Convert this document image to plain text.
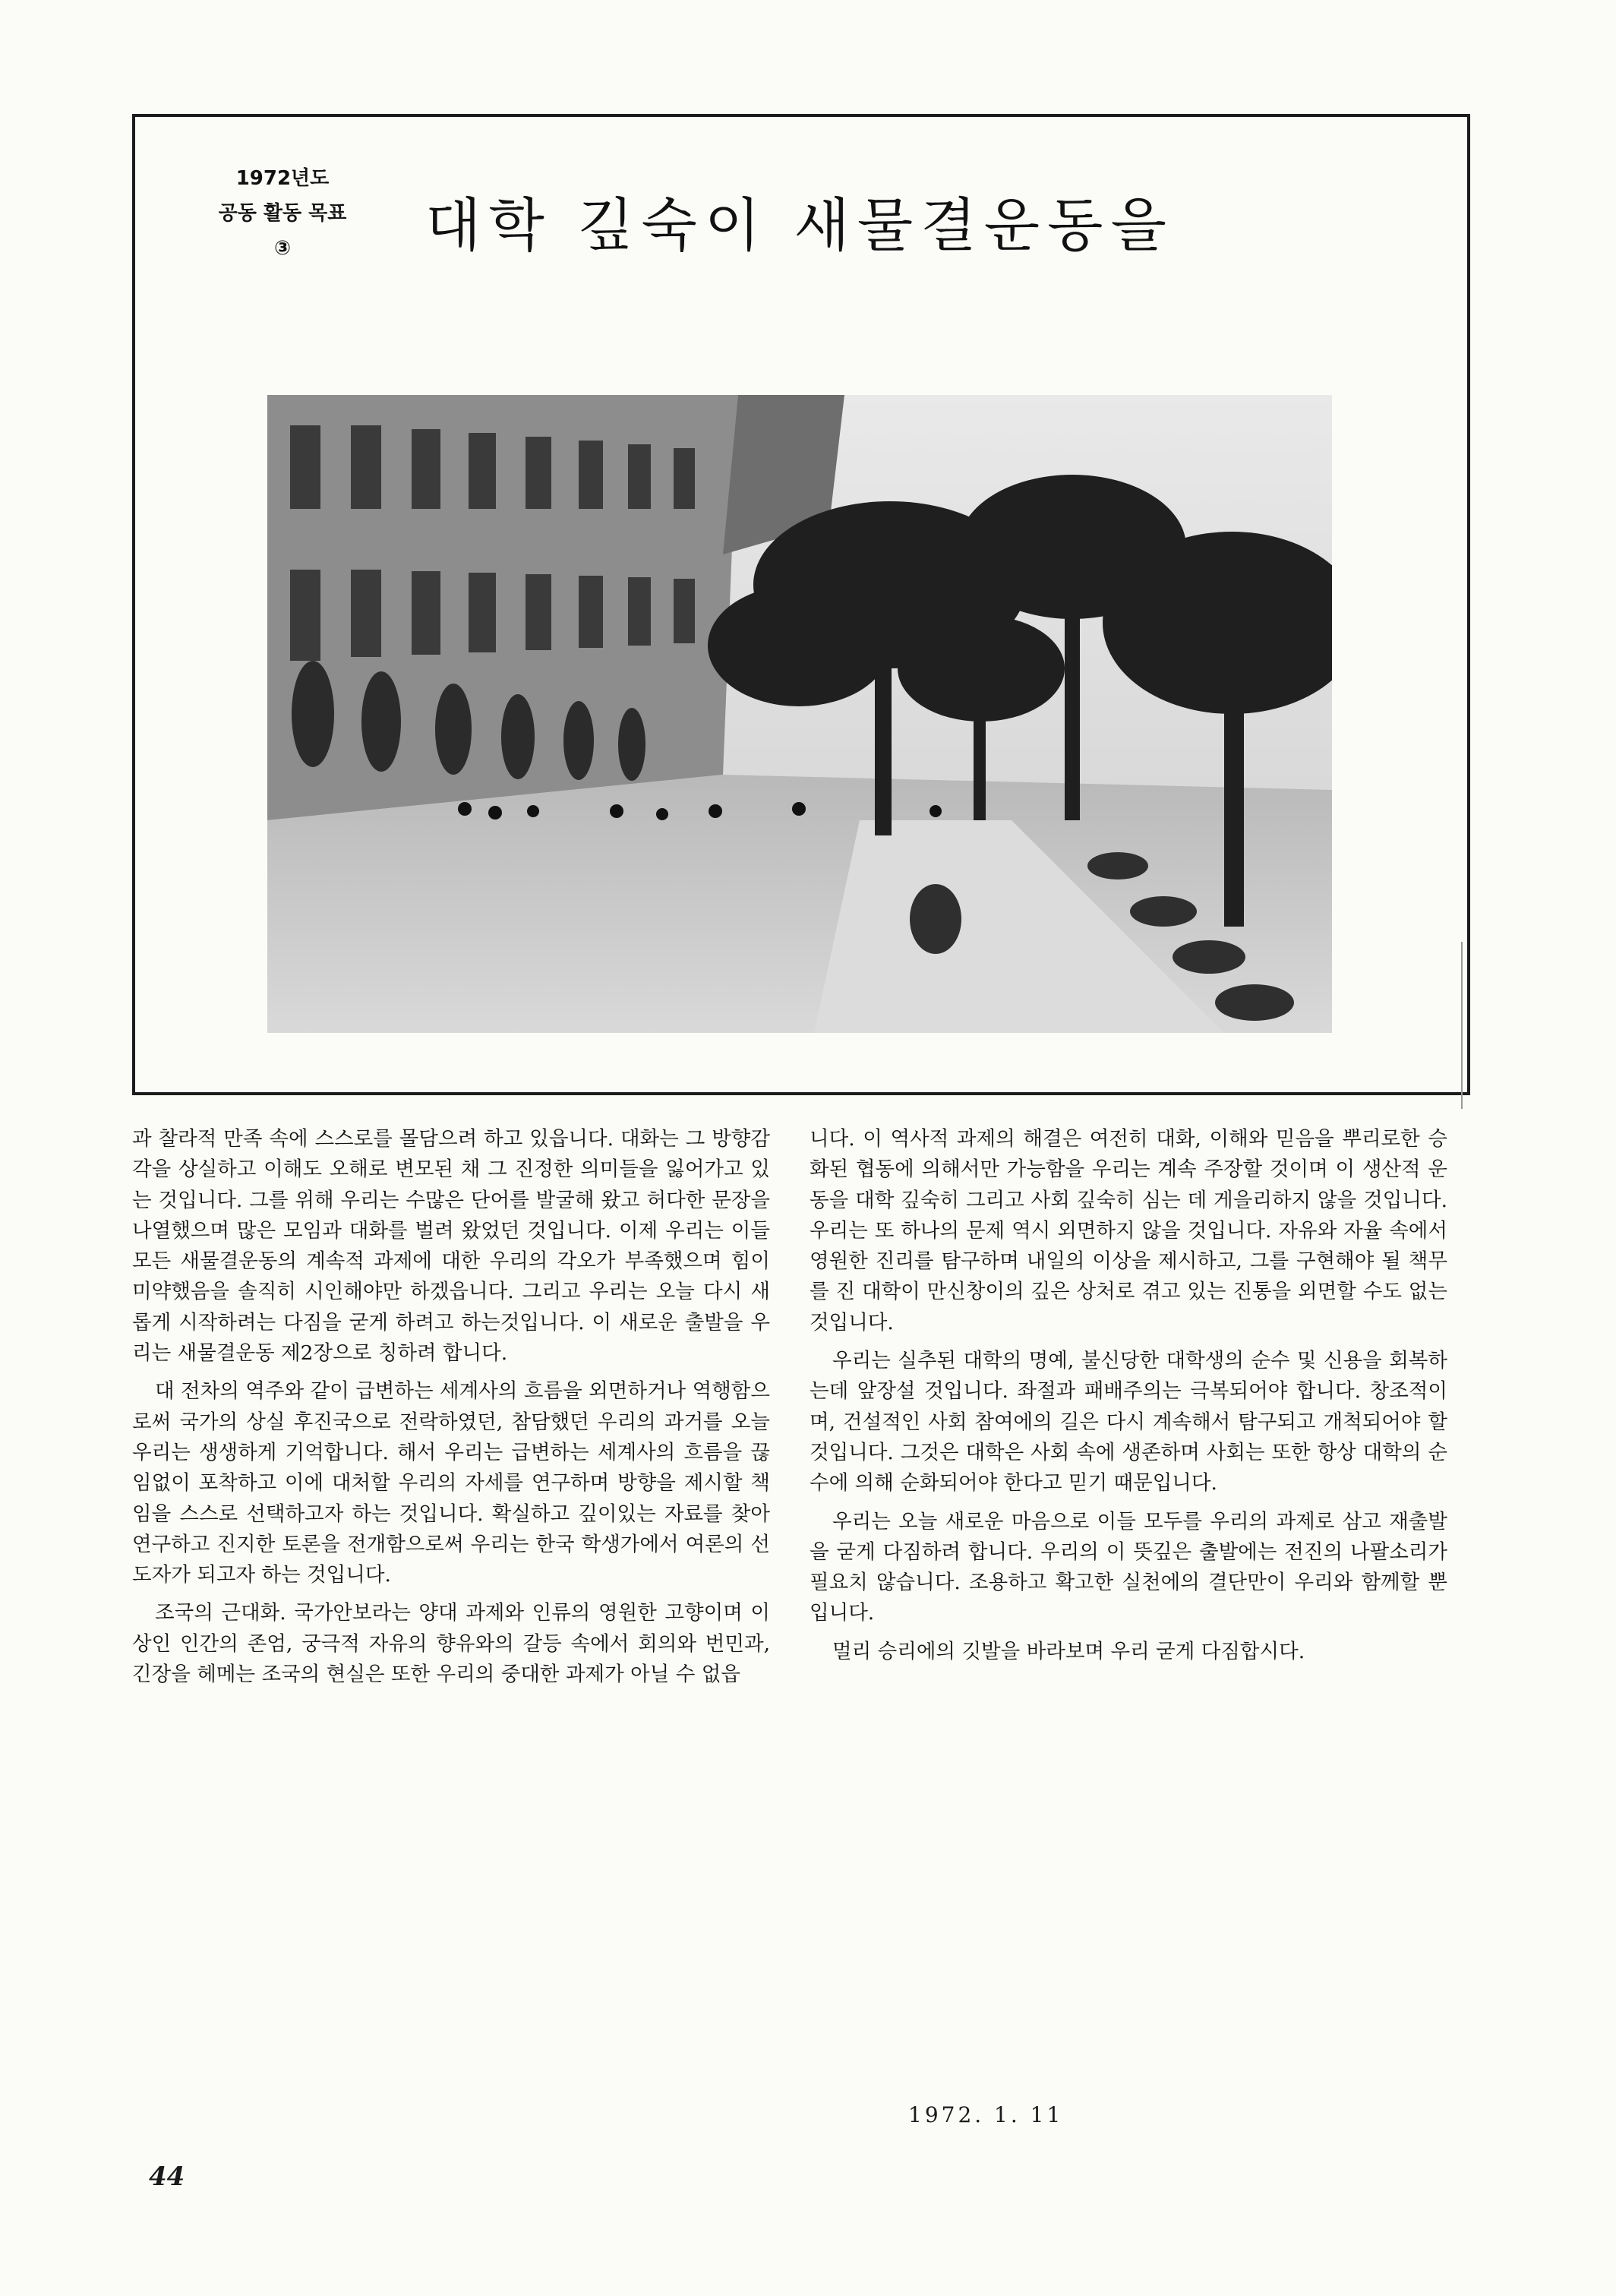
1972년도
공동 활동 목표
③	대학 깊숙이 새물결운동을

과 찰라적 만족 속에 스스로를 몰담으려 하고 있읍니다. 대화는 그 방향감각을 상실하고 이해도 오해로 변모된 채 그 진정한 의미들을 잃어가고 있는 것입니다. 그를 위해 우리는 수많은 단어를 발굴해 왔고 허다한 문장을 나열했으며 많은 모임과 대화를 벌려 왔었던 것입니다. 이제 우리는 이들 모든 새물결운동의 계속적 과제에 대한 우리의 각오가 부족했으며 힘이 미약했음을 솔직히 시인해야만 하겠읍니다. 그리고 우리는 오늘 다시 새롭게 시작하려는 다짐을 굳게 하려고 하는것입니다. 이 새로운 출발을 우리는 새물결운동 제2장으로 칭하려 합니다.

대 전차의 역주와 같이 급변하는 세계사의 흐름을 외면하거나 역행함으로써 국가의 상실 후진국으로 전락하였던, 참담했던 우리의 과거를 오늘 우리는 생생하게 기억합니다. 해서 우리는 급변하는 세계사의 흐름을 끊임없이 포착하고 이에 대처할 우리의 자세를 연구하며 방향을 제시할 책임을 스스로 선택하고자 하는 것입니다. 확실하고 깊이있는 자료를 찾아 연구하고 진지한 토론을 전개함으로써 우리는 한국 학생가에서 여론의 선도자가 되고자 하는 것입니다.

조국의 근대화. 국가안보라는 양대 과제와 인류의 영원한 고향이며 이상인 인간의 존엄, 궁극적 자유의 향유와의 갈등 속에서 회의와 번민과, 긴장을 헤메는 조국의 현실은 또한 우리의 중대한 과제가 아닐 수 없읍

니다. 이 역사적 과제의 해결은 여전히 대화, 이해와 믿음을 뿌리로한 승화된 협동에 의해서만 가능함을 우리는 계속 주장할 것이며 이 생산적 운동을 대학 깊숙히 그리고 사회 깊숙히 심는 데 게을리하지 않을 것입니다. 우리는 또 하나의 문제 역시 외면하지 않을 것입니다. 자유와 자율 속에서 영원한 진리를 탐구하며 내일의 이상을 제시하고, 그를 구현해야 될 책무를 진 대학이 만신창이의 깊은 상처로 겪고 있는 진통을 외면할 수도 없는 것입니다.

우리는 실추된 대학의 명예, 불신당한 대학생의 순수 및 신용을 회복하는데 앞장설 것입니다. 좌절과 패배주의는 극복되어야 합니다. 창조적이며, 건설적인 사회 참여에의 길은 다시 계속해서 탐구되고 개척되어야 할 것입니다. 그것은 대학은 사회 속에 생존하며 사회는 또한 항상 대학의 순수에 의해 순화되어야 한다고 믿기 때문입니다.

우리는 오늘 새로운 마음으로 이들 모두를 우리의 과제로 삼고 재출발을 굳게 다짐하려 합니다. 우리의 이 뜻깊은 출발에는 전진의 나팔소리가 필요치 않습니다. 조용하고 확고한 실천에의 결단만이 우리와 함께할 뿐입니다.

멀리 승리에의 깃발을 바라보며 우리 굳게 다짐합시다.

1972. 1. 11
44
